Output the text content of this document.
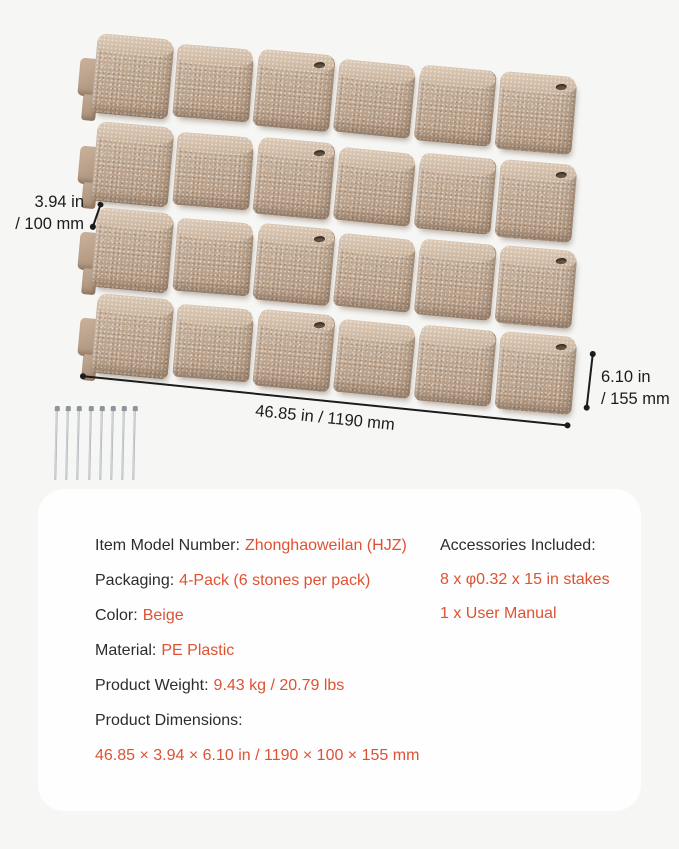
3.94 in
/ 100 mm
46.85 in / 1190 mm
6.10 in
/ 155 mm
Item Model Number: Zhonghaoweilan (HJZ)
Packaging: 4-Pack (6 stones per pack)
Color: Beige
Material: PE Plastic
Product Weight: 9.43 kg / 20.79 lbs
Product Dimensions:
46.85 × 3.94 × 6.10 in / 1190 × 100 × 155 mm
Accessories Included:
8 x φ0.32 x 15 in stakes
1 x User Manual
